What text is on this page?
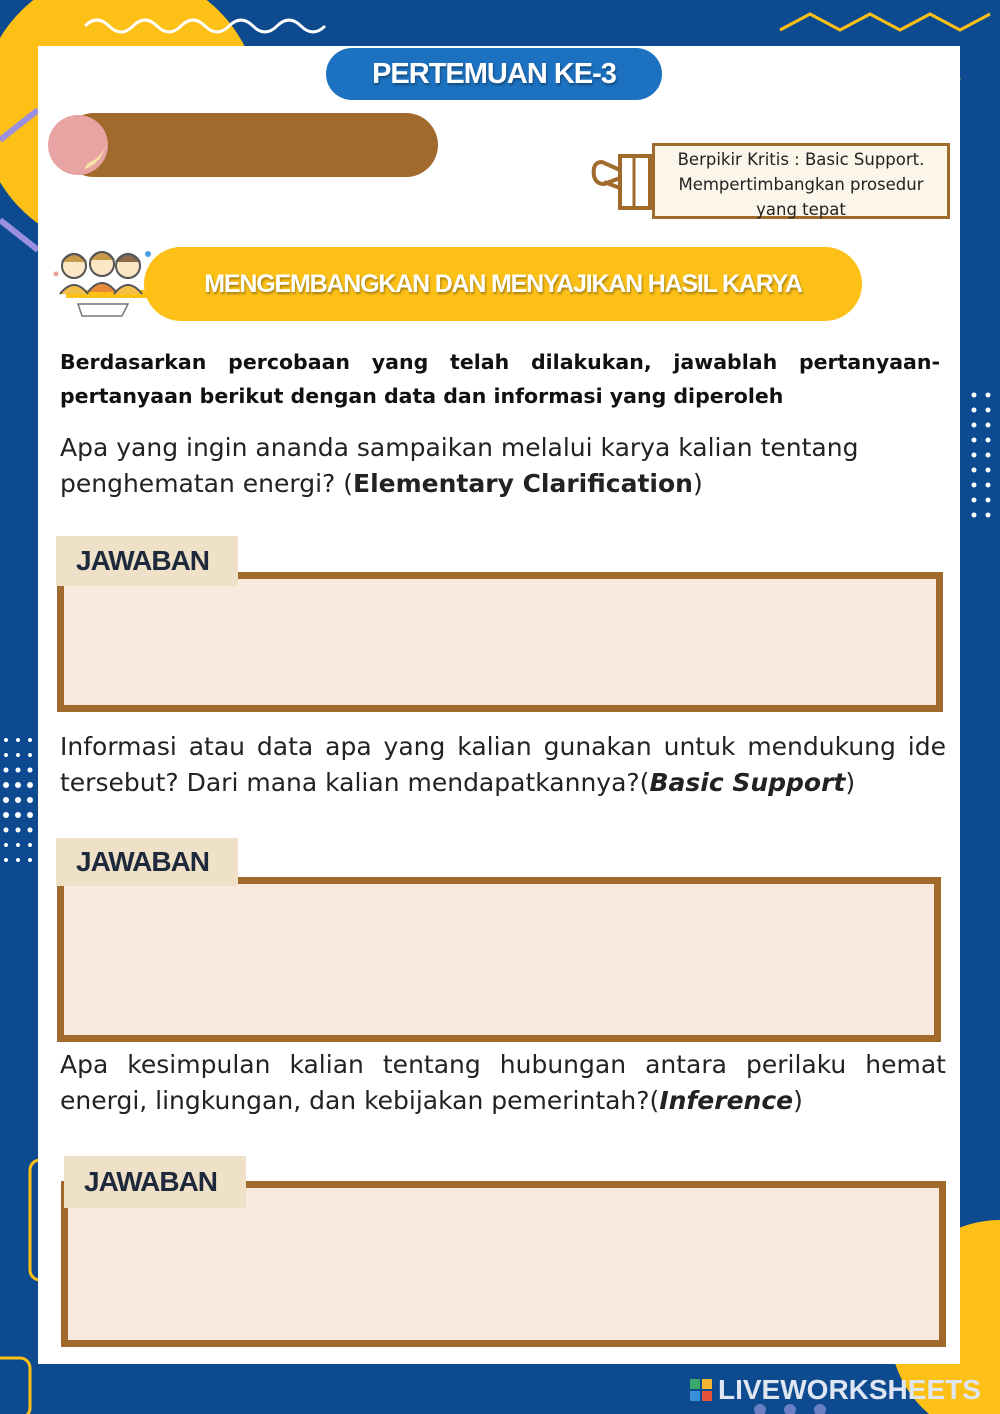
PERTEMUAN KE-3
Berpikir Kritis : Basic Support.
Mempertimbangkan prosedur
yang tepat
MENGEMBANGKAN DAN MENYAJIKAN HASIL KARYA
Berdasarkan percobaan yang telah dilakukan, jawablah pertanyaan-pertanyaan berikut dengan data dan informasi yang diperoleh
Apa yang ingin ananda sampaikan melalui karya kalian tentang penghematan energi? (Elementary Clarification)
JAWABAN
Informasi atau data apa yang kalian gunakan untuk mendukung ide tersebut? Dari mana kalian mendapatkannya?(Basic Support)
JAWABAN
Apa kesimpulan kalian tentang hubungan antara perilaku hemat energi, lingkungan, dan kebijakan pemerintah?(Inference)
JAWABAN
LIVEWORKSHEETS
